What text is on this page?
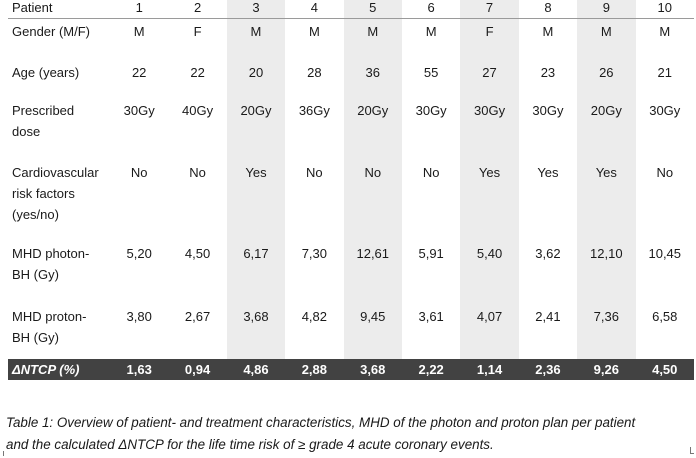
Patient	1	2	3	4	5	6	7	8	9	10

Gender (M/F)	M	F	M	M	M	M	F	M	M	M

Age (years)	22	22	20	28	36	55	27	23	26	21

Prescribed
dose	30Gy	40Gy	20Gy	36Gy	20Gy	30Gy	30Gy	30Gy	20Gy	30Gy

Cardiovascular
risk factors
(yes/no)	No	No	Yes	No	No	No	Yes	Yes	Yes	No

MHD photon-
BH (Gy)	5,20	4,50	6,17	7,30	12,61	5,91	5,40	3,62	12,10	10,45

MHD proton-
BH (Gy)	3,80	2,67	3,68	4,82	9,45	3,61	4,07	2,41	7,36	6,58
ΔNTCP (%)	1,63	0,94	4,86	2,88	3,68	2,22	1,14	2,36	9,26	4,50
Table 1: Overview of patient- and treatment characteristics, MHD of the photon and proton plan per patient
and the calculated ΔNTCP for the life time risk of ≥ grade 4 acute coronary events.
